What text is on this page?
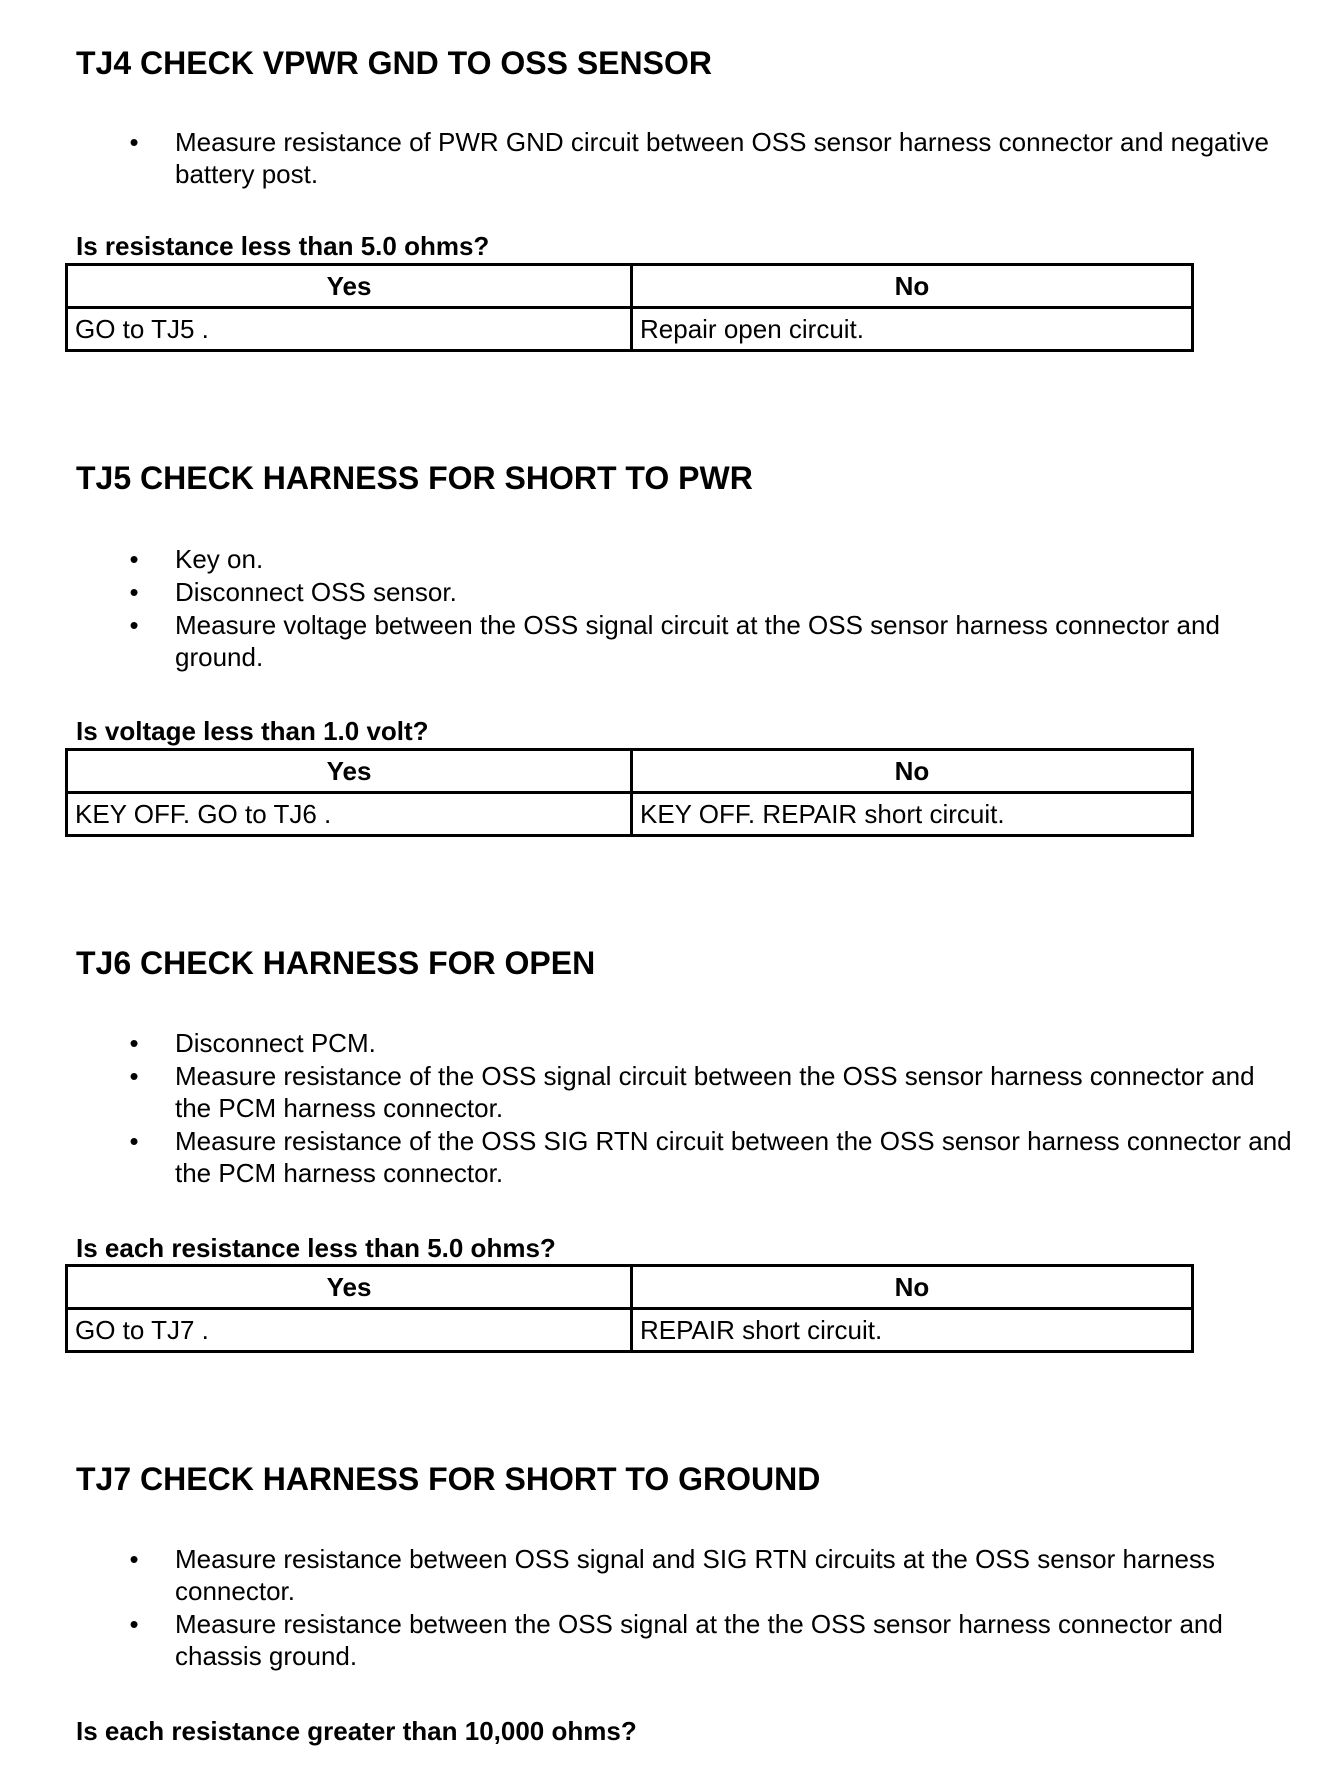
TJ4 CHECK VPWR GND TO OSS SENSOR
• Measure resistance of PWR GND circuit between OSS sensor harness connector and negative battery post.

Is resistance less than 5.0 ohms?

Yes	No
GO to TJ5 .	Repair open circuit.
TJ5 CHECK HARNESS FOR SHORT TO PWR
• Key on.
• Disconnect OSS sensor.
• Measure voltage between the OSS signal circuit at the OSS sensor harness connector and ground.

Is voltage less than 1.0 volt?

Yes	No
KEY OFF. GO to TJ6 .	KEY OFF. REPAIR short circuit.
TJ6 CHECK HARNESS FOR OPEN
• Disconnect PCM.
• Measure resistance of the OSS signal circuit between the OSS sensor harness connector and the PCM harness connector.
• Measure resistance of the OSS SIG RTN circuit between the OSS sensor harness connector and the PCM harness connector.

Is each resistance less than 5.0 ohms?

Yes	No
GO to TJ7 .	REPAIR short circuit.
TJ7 CHECK HARNESS FOR SHORT TO GROUND
• Measure resistance between OSS signal and SIG RTN circuits at the OSS sensor harness connector.
• Measure resistance between the OSS signal at the the OSS sensor harness connector and chassis ground.

Is each resistance greater than 10,000 ohms?
